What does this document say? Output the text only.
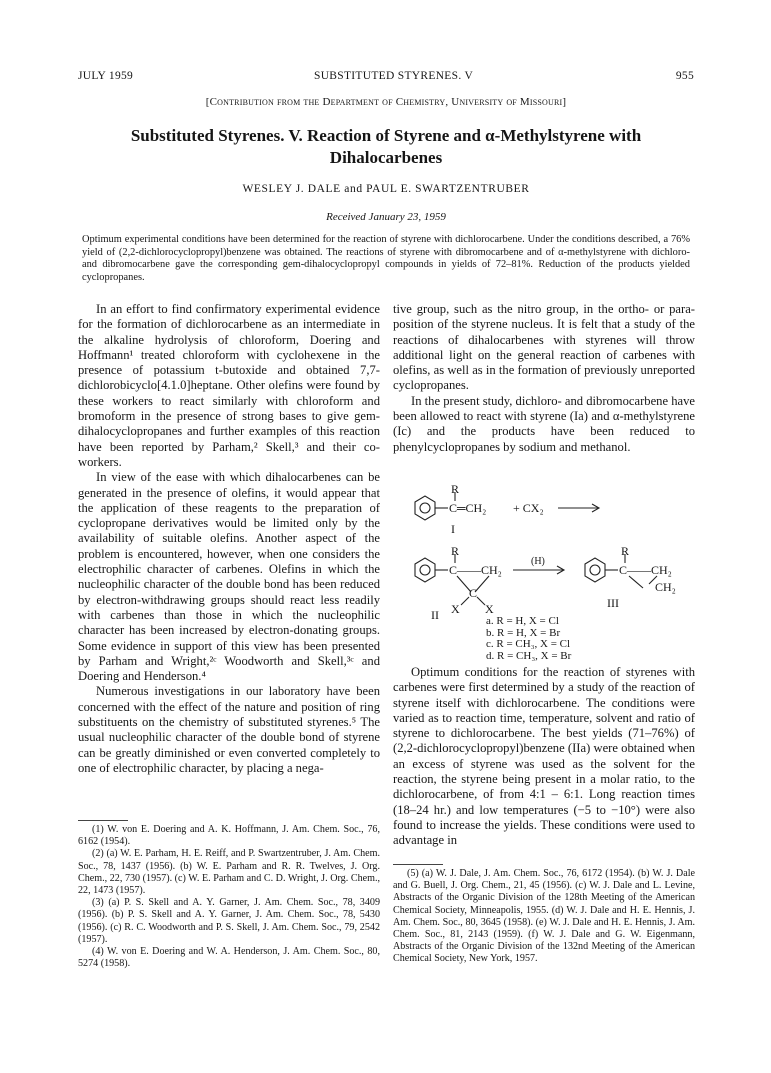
JULY 1959	SUBSTITUTED STYRENES. V	955
[Contribution from the Department of Chemistry, University of Missouri]
Substituted Styrenes. V. Reaction of Styrene and α-Methylstyrene with Dihalocarbenes
WESLEY J. DALE and PAUL E. SWARTZENTRUBER
Received January 23, 1959
Optimum experimental conditions have been determined for the reaction of styrene with dichlorocarbene. Under the conditions described, a 76% yield of (2,2-dichlorocyclopropyl)benzene was obtained. The reactions of styrene with dibromocarbene and of α-methylstyrene with dichloro- and dibromocarbene gave the corresponding gem-dihalocyclopropyl compounds in yields of 72–81%. Reduction of the products yielded cyclopropanes.

In an effort to find confirmatory experimental evidence for the formation of dichlorocarbene as an intermediate in the alkaline hydrolysis of chloroform, Doering and Hoffmann¹ treated chloroform with cyclohexene in the presence of potassium t-butoxide and obtained 7,7-dichlorobicyclo[4.1.0]heptane. Other olefins were found by these workers to react similarly with chloroform and bromoform in the presence of strong bases to give gem-dihalocyclopropanes and further examples of this reaction have been reported by Parham,² Skell,³ and their co-workers.

In view of the ease with which dihalocarbenes can be generated in the presence of olefins, it would appear that the application of these reagents to the preparation of cyclopropane derivatives would be limited only by the availability of suitable olefins. Another aspect of the problem is encountered, however, when one considers the electrophilic character of carbenes. Olefins in which the nucleophilic character of the double bond has been reduced by electron-withdrawing groups should react less readily with carbenes than those in which the nucleophilic character has been increased by electron-donating groups. Some evidence in support of this view has been presented by Parham and Wright,²ᶜ Woodworth and Skell,³ᶜ and Doering and Henderson.⁴

Numerous investigations in our laboratory have been concerned with the effect of the nature and position of ring substituents on the chemistry of substituted styrenes.⁵ The usual nucleophilic character of the double bond of styrene can be greatly diminished or even converted completely to one of electrophilic character, by placing a nega-

tive group, such as the nitro group, in the ortho- or para- position of the styrene nucleus. It is felt that a study of the reactions of dihalocarbenes with styrenes will throw additional light on the general reaction of carbenes with olefins, as well as in the formation of previously unreported cyclopropanes.

In the present study, dichloro- and dibromocarbene have been allowed to react with styrene (Ia) and α-methylstyrene (Ic) and the products have been reduced to phenylcyclopropanes by sodium and methanol.

R
C═CH₂ + CX₂
I
R
C——CH₂
C
X X
II
(H)
R
C——CH₂
CH₂
III
a. R = H, X = Cl
b. R = H, X = Br
c. R = CH₃, X = Cl
d. R = CH₃, X = Br

Optimum conditions for the reaction of styrenes with carbenes were first determined by a study of the reaction of styrene itself with dichlorocarbene. The conditions were varied as to reaction time, temperature, solvent and ratio of styrene to dichlorocarbene. The best yields (71–76%) of (2,2-dichlorocyclopropyl)benzene (IIa) were obtained when an excess of styrene was used as the solvent for the reaction, the styrene being present in a molar ratio, to the dichlorocarbene, of from 4:1 – 6:1. Long reaction times (18–24 hr.) and low temperatures (−5 to −10°) were also found to increase the yields. These conditions were used to advantage in

(1) W. von E. Doering and A. K. Hoffmann, J. Am. Chem. Soc., 76, 6162 (1954).

(2) (a) W. E. Parham, H. E. Reiff, and P. Swartzentruber, J. Am. Chem. Soc., 78, 1437 (1956). (b) W. E. Parham and R. R. Twelves, J. Org. Chem., 22, 730 (1957). (c) W. E. Parham and C. D. Wright, J. Org. Chem., 22, 1473 (1957).

(3) (a) P. S. Skell and A. Y. Garner, J. Am. Chem. Soc., 78, 3409 (1956). (b) P. S. Skell and A. Y. Garner, J. Am. Chem. Soc., 78, 5430 (1956). (c) R. C. Woodworth and P. S. Skell, J. Am. Chem. Soc., 79, 2542 (1957).

(4) W. von E. Doering and W. A. Henderson, J. Am. Chem. Soc., 80, 5274 (1958).

(5) (a) W. J. Dale, J. Am. Chem. Soc., 76, 6172 (1954). (b) W. J. Dale and G. Buell, J. Org. Chem., 21, 45 (1956). (c) W. J. Dale and L. Levine, Abstracts of the Organic Division of the 128th Meeting of the American Chemical Society, Minneapolis, 1955. (d) W. J. Dale and H. E. Hennis, J. Am. Chem. Soc., 80, 3645 (1958). (e) W. J. Dale and H. E. Hennis, J. Am. Chem. Soc., 81, 2143 (1959). (f) W. J. Dale and G. W. Eigenmann, Abstracts of the Organic Division of the 132nd Meeting of the American Chemical Society, New York, 1957.
